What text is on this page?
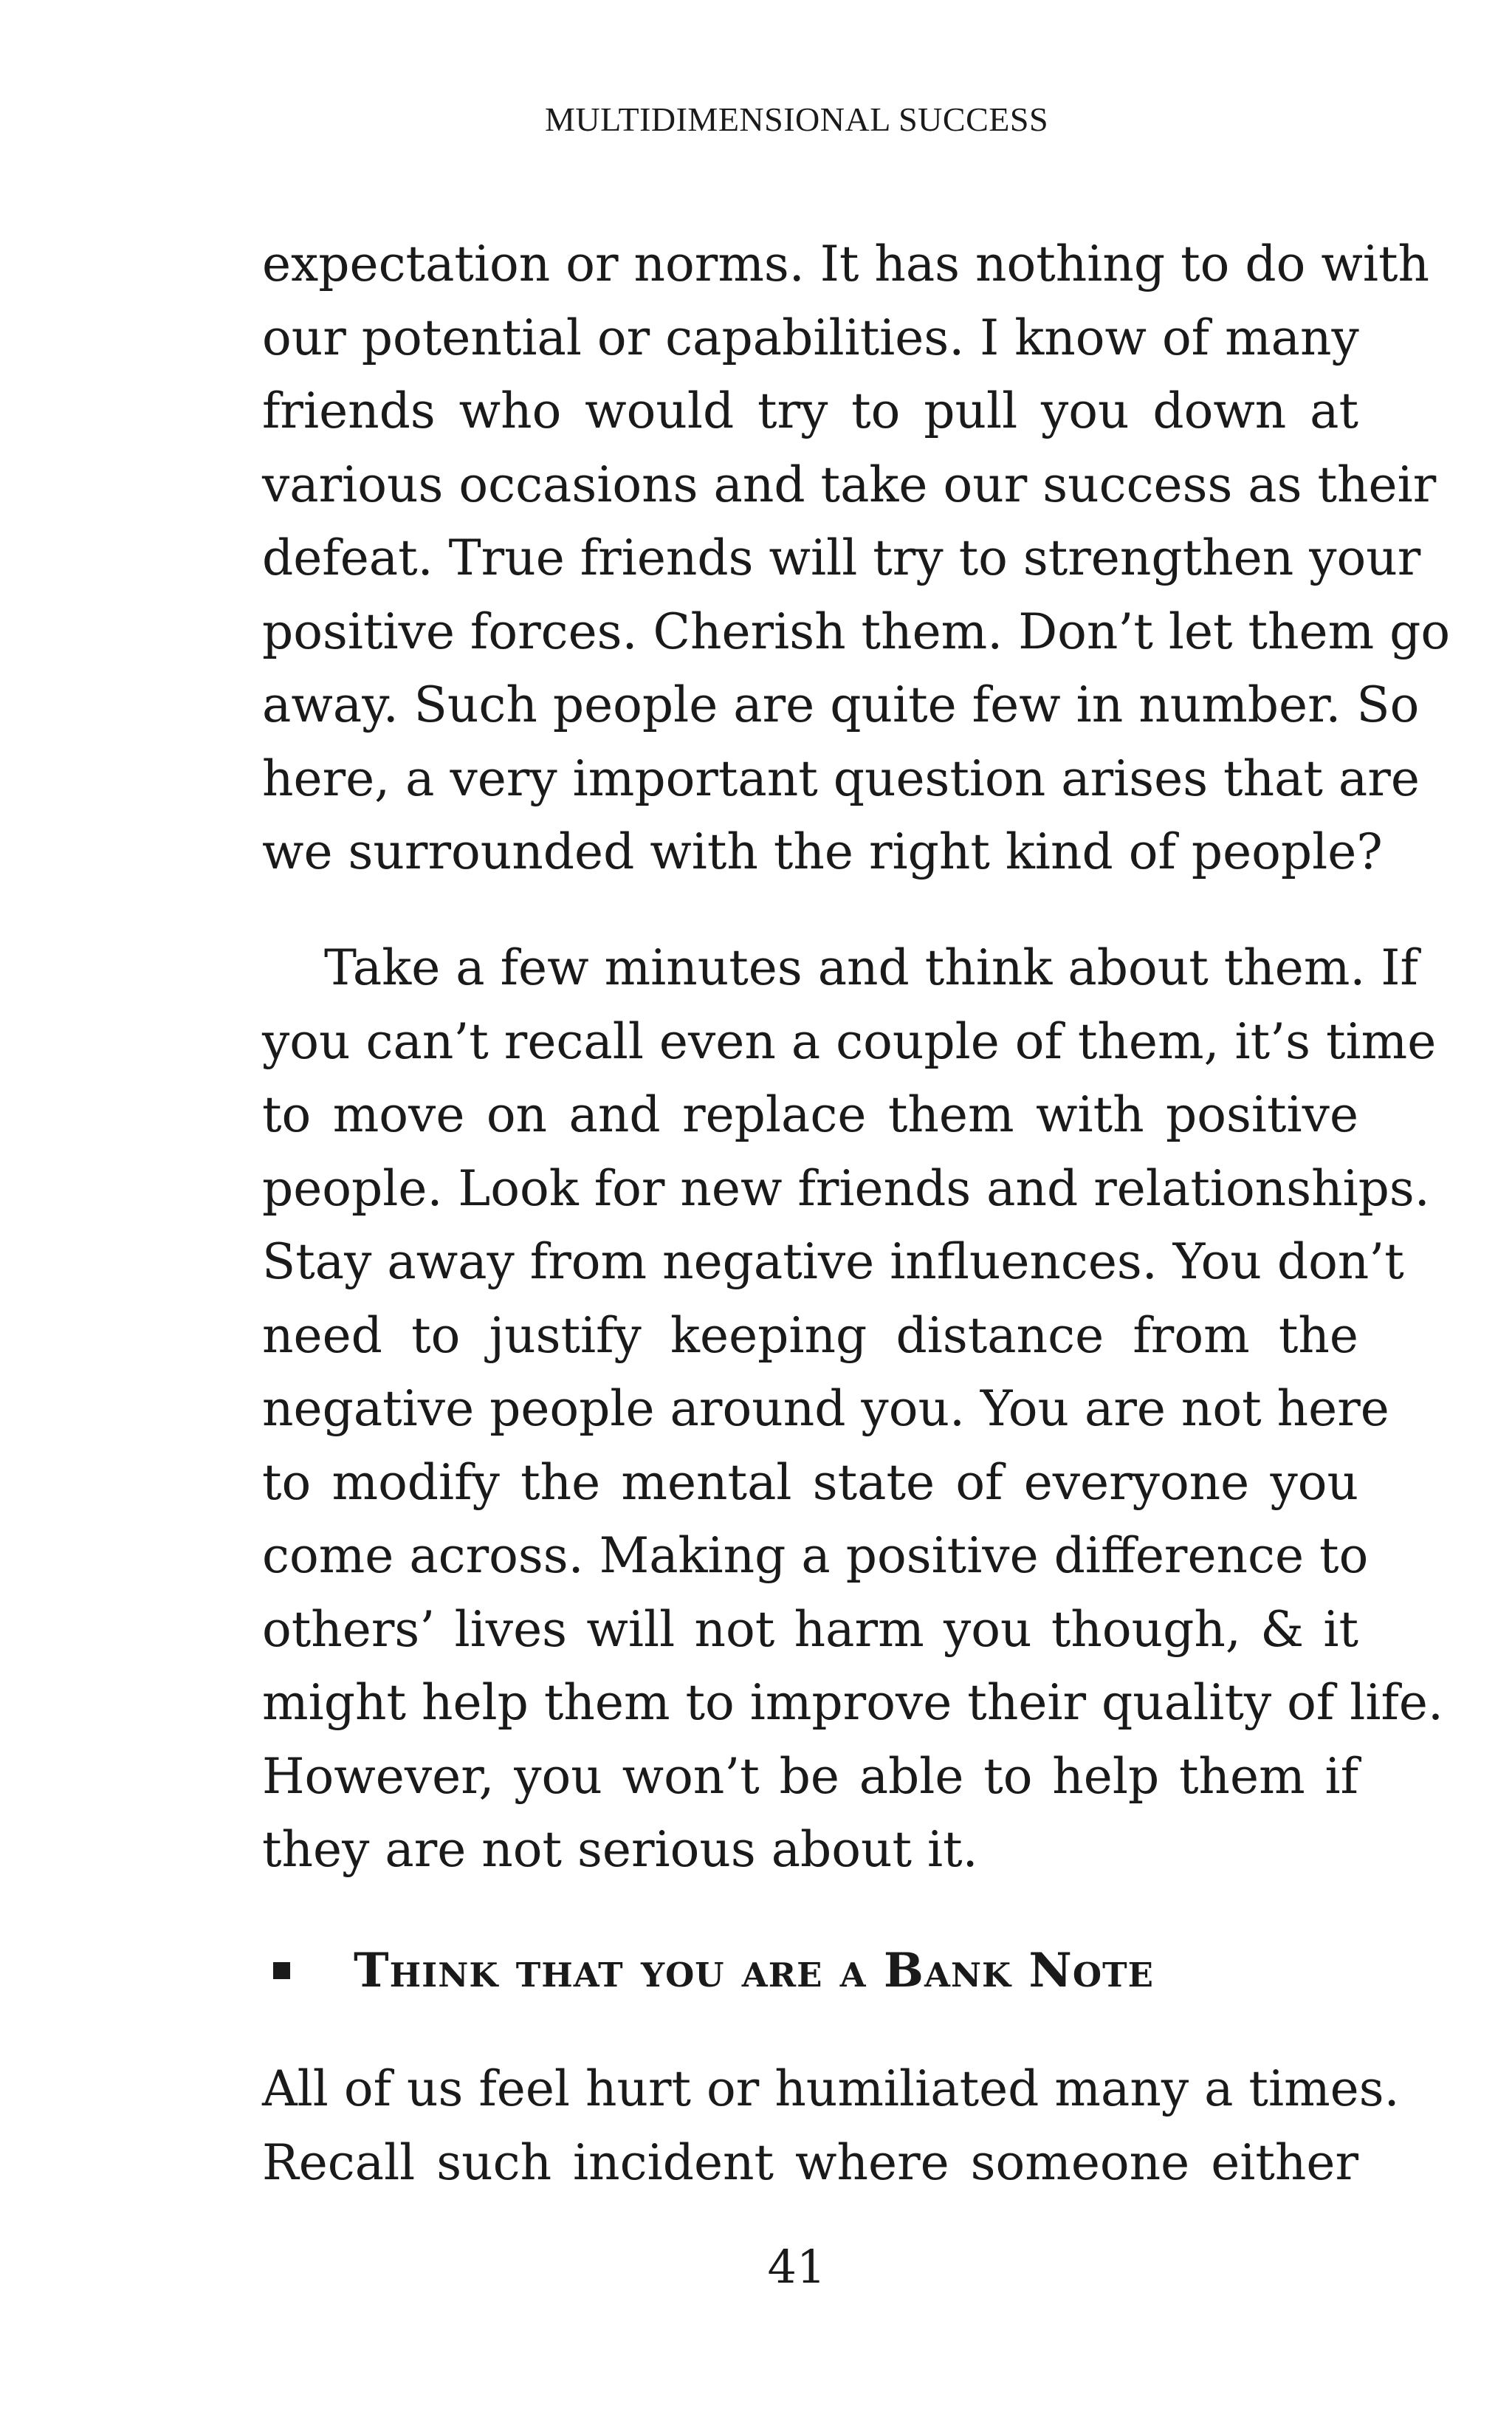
MULTIDIMENSIONAL SUCCESS
expectation or norms. It has nothing to do with
our potential or capabilities. I know of many
friends who would try to pull you down at
various occasions and take our success as their
defeat. True friends will try to strengthen your
positive forces. Cherish them. Don’t let them go
away. Such people are quite few in number. So
here, a very important question arises that are
we surrounded with the right kind of people?
Take a few minutes and think about them. If
you can’t recall even a couple of them, it’s time
to move on and replace them with positive
people. Look for new friends and relationships.
Stay away from negative influences. You don’t
need to justify keeping distance from the
negative people around you. You are not here
to modify the mental state of everyone you
come across. Making a positive difference to
others’ lives will not harm you though, & it
might help them to improve their quality of life.
However, you won’t be able to help them if
they are not serious about it.
Think that you are a Bank Note
All of us feel hurt or humiliated many a times.
Recall such incident where someone either
41
